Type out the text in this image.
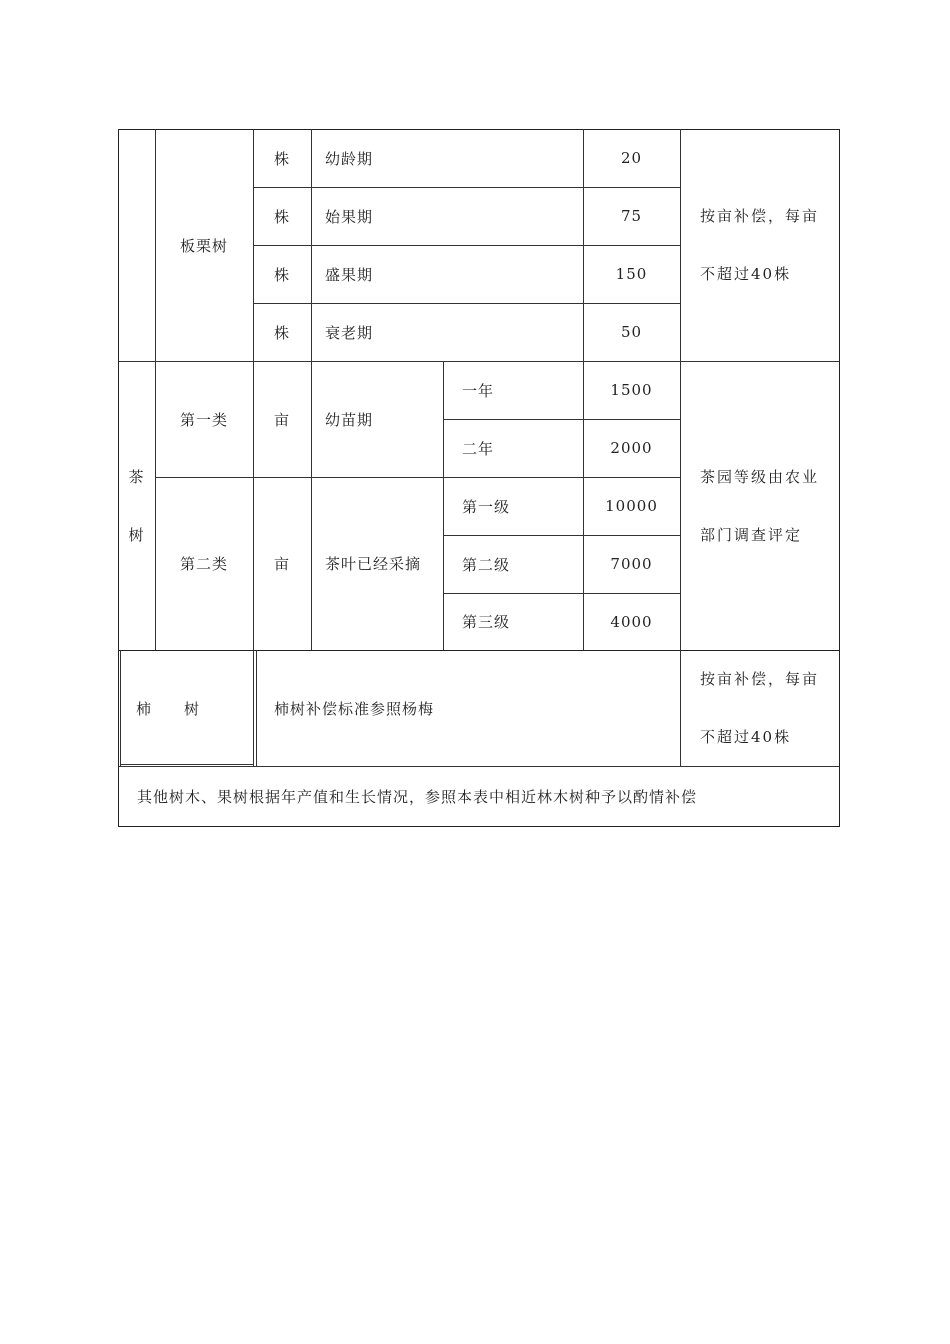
板栗树
株	幼龄期	20
株	始果期	75
株	盛果期	150
株	衰老期	50
按亩补偿，每亩
不超过40株
茶
树
第一类	亩	幼苗期
一年	1500
二年	2000
第二类	亩	茶叶已经采摘
第一级	10000
第二级	7000
第三级	4000
茶园等级由农业
部门调查评定
柿 树	柿树补偿标准参照杨梅
按亩补偿，每亩
不超过40株
其他树木、果树根据年产值和生长情况，参照本表中相近林木树种予以酌情补偿
